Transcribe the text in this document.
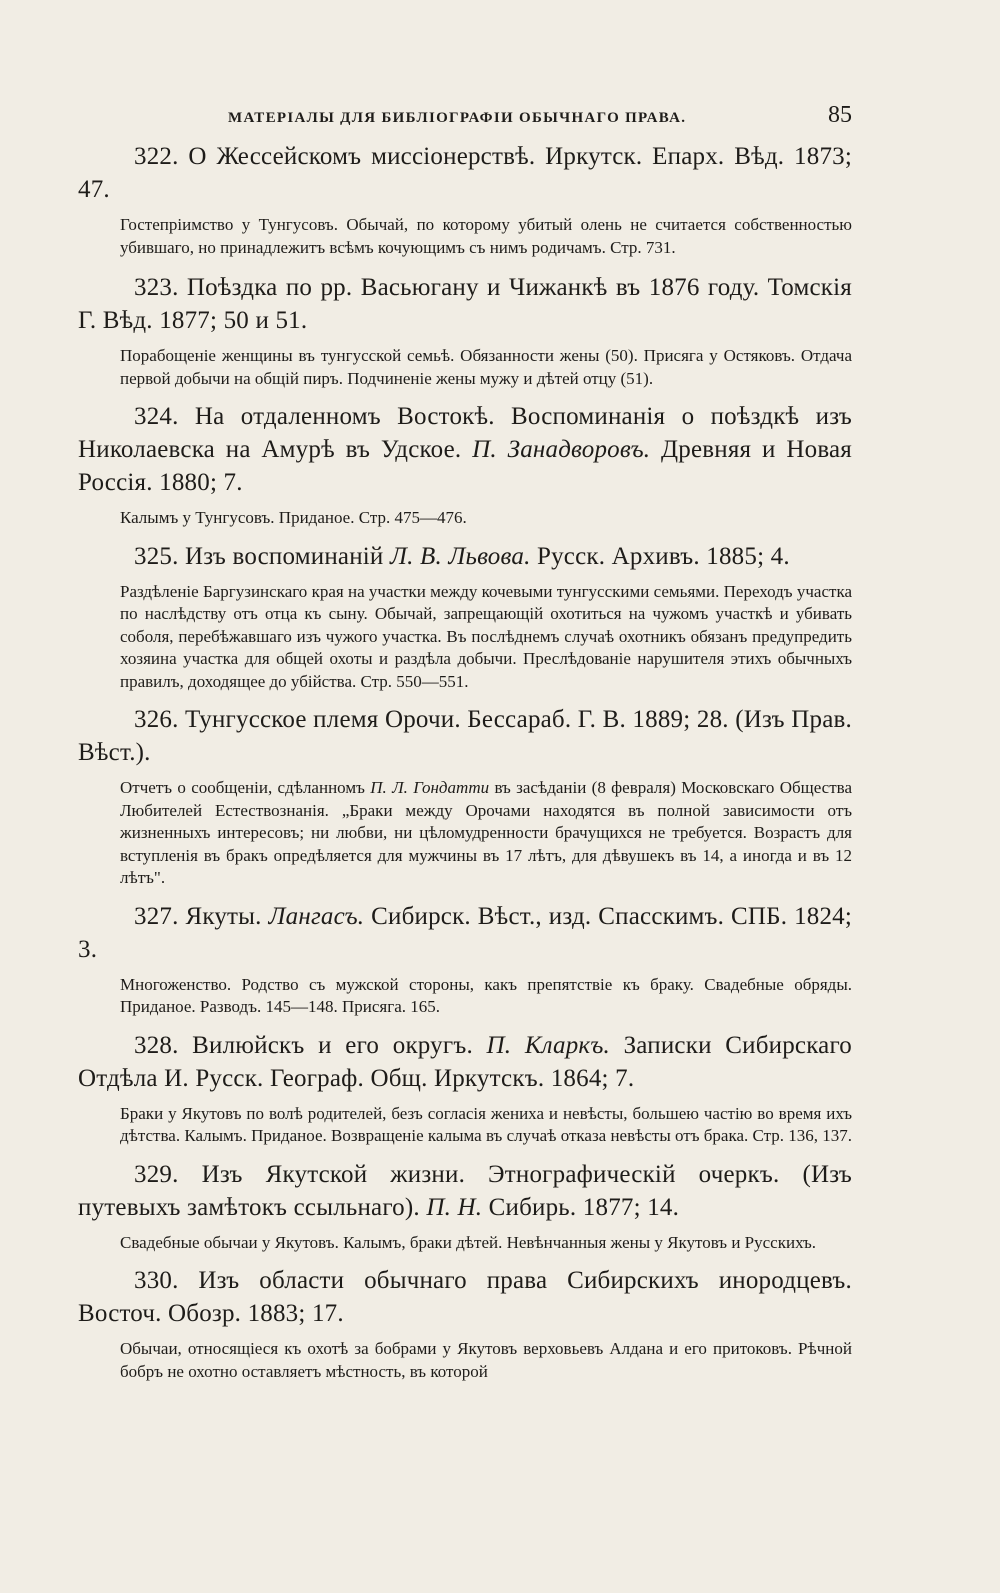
МАТЕРІАЛЫ ДЛЯ БИБЛІОГРАФІИ ОБЫЧНАГО ПРАВА.	85

322. О Жессейскомъ миссіонерствѣ. Иркутск. Епарх. Вѣд. 1873; 47.

Гостепріимство у Тунгусовъ. Обычай, по которому убитый олень не считается собственностью убившаго, но принадлежитъ всѣмъ кочующимъ съ нимъ родичамъ. Стр. 731.

323. Поѣздка по рр. Васьюгану и Чижанкѣ въ 1876 году. Томскія Г. Вѣд. 1877; 50 и 51.

Порабощеніе женщины въ тунгусской семьѣ. Обязанности жены (50). Присяга у Остяковъ. Отдача первой добычи на общій пиръ. Подчиненіе жены мужу и дѣтей отцу (51).

324. На отдаленномъ Востокѣ. Воспоминанія о поѣздкѣ изъ Николаевска на Амурѣ въ Удское. П. Занадворовъ. Древняя и Новая Россія. 1880; 7.

Калымъ у Тунгусовъ. Приданое. Стр. 475—476.

325. Изъ воспоминаній Л. В. Львова. Русск. Архивъ. 1885; 4.

Раздѣленіе Баргузинскаго края на участки между кочевыми тунгусскими семьями. Переходъ участка по наслѣдству отъ отца къ сыну. Обычай, запрещающій охотиться на чужомъ участкѣ и убивать соболя, перебѣжавшаго изъ чужого участка. Въ послѣднемъ случаѣ охотникъ обязанъ предупредить хозяина участка для общей охоты и раздѣла добычи. Преслѣдованіе нарушителя этихъ обычныхъ правилъ, доходящее до убійства. Стр. 550—551.

326. Тунгусское племя Орочи. Бессараб. Г. В. 1889; 28. (Изъ Прав. Вѣст.).

Отчетъ о сообщеніи, сдѣланномъ П. Л. Гондатти въ засѣданіи (8 февраля) Московскаго Общества Любителей Естествознанія. „Браки между Орочами находятся въ полной зависимости отъ жизненныхъ интересовъ; ни любви, ни цѣломудренности брачущихся не требуется. Возрастъ для вступленія въ бракъ опредѣляется для мужчины въ 17 лѣтъ, для дѣвушекъ въ 14, а иногда и въ 12 лѣтъ".

327. Якуты. Лангасъ. Сибирск. Вѣст., изд. Спасскимъ. СПБ. 1824; 3.

Многоженство. Родство съ мужской стороны, какъ препятствіе къ браку. Свадебные обряды. Приданое. Разводъ. 145—148. Присяга. 165.

328. Вилюйскъ и его округъ. П. Кларкъ. Записки Сибирскаго Отдѣла И. Русск. Географ. Общ. Иркутскъ. 1864; 7.

Браки у Якутовъ по волѣ родителей, безъ согласія жениха и невѣсты, большею частію во время ихъ дѣтства. Калымъ. Приданое. Возвращеніе калыма въ случаѣ отказа невѣсты отъ брака. Стр. 136, 137.

329. Изъ Якутской жизни. Этнографическій очеркъ. (Изъ путевыхъ замѣтокъ ссыльнаго). П. Н. Сибирь. 1877; 14.

Свадебные обычаи у Якутовъ. Калымъ, браки дѣтей. Невѣнчанныя жены у Якутовъ и Русскихъ.

330. Изъ области обычнаго права Сибирскихъ инородцевъ. Восточ. Обозр. 1883; 17.

Обычаи, относящіеся къ охотѣ за бобрами у Якутовъ верховьевъ Алдана и его притоковъ. Рѣчной бобръ не охотно оставляетъ мѣстность, въ которой
